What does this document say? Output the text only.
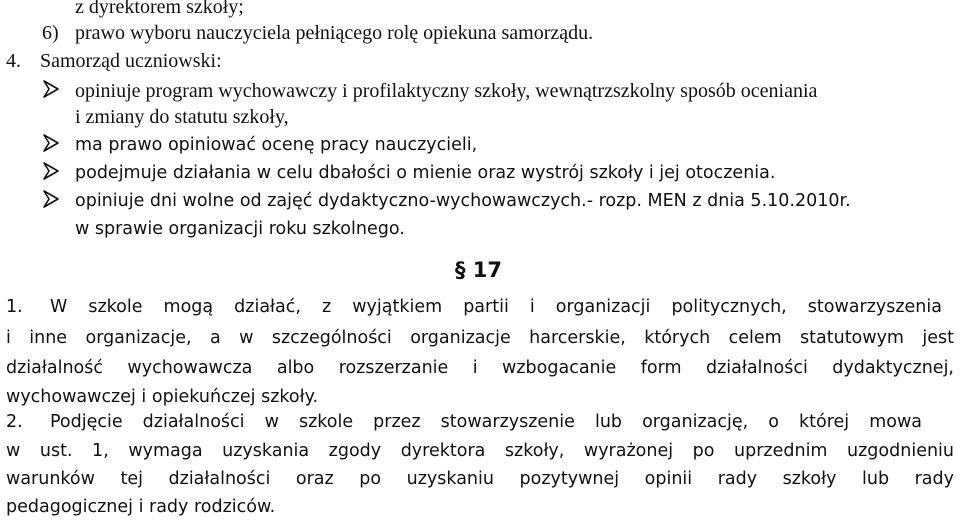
z dyrektorem szkoły;
6) prawo wyboru nauczyciela pełniącego rolę opiekuna samorządu.
4. Samorząd uczniowski:
opiniuje program wychowawczy i profilaktyczny szkoły, wewnątrzszkolny sposób oceniania
i zmiany do statutu szkoły,
ma prawo opiniować ocenę pracy nauczycieli,
podejmuje działania w celu dbałości o mienie oraz wystrój szkoły i jej otoczenia.
opiniuje dni wolne od zajęć dydaktyczno-wychowawczych.- rozp. MEN z dnia 5.10.2010r.
w sprawie organizacji roku szkolnego.
§ 17
1. W szkole mogą działać, z wyjątkiem partii i organizacji politycznych, stowarzyszenia
i inne organizacje, a w szczególności organizacje harcerskie, których celem statutowym jest
działalność wychowawcza albo rozszerzanie i wzbogacanie form działalności dydaktycznej,
wychowawczej i opiekuńczej szkoły.
2. Podjęcie działalności w szkole przez stowarzyszenie lub organizację, o której mowa
w ust. 1, wymaga uzyskania zgody dyrektora szkoły, wyrażonej po uprzednim uzgodnieniu
warunków tej działalności oraz po uzyskaniu pozytywnej opinii rady szkoły lub rady
pedagogicznej i rady rodziców.
